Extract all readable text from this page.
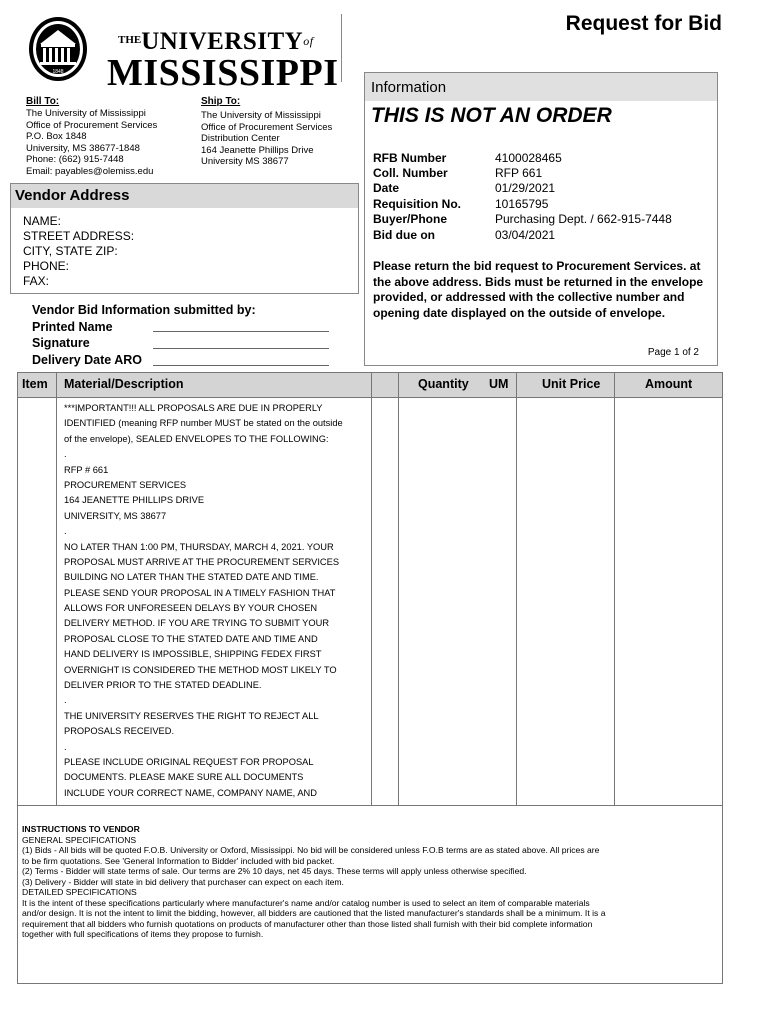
1848
$^{THE}$UNIVERSITYof
MISSISSIPPI
Request for Bid
Bill To:
The University of Mississippi
Office of Procurement Services
P.O. Box 1848
University, MS 38677-1848
Phone: (662) 915-7448
Email: payables@olemiss.edu
Ship To:
The University of Mississippi
Office of Procurement Services
Distribution Center
164 Jeanette Phillips Drive
University MS 38677
Vendor Address
NAME:
STREET ADDRESS:
CITY, STATE ZIP:
PHONE:
FAX:
Vendor Bid Information submitted by:
Printed Name
Signature
Delivery Date ARO
Information
THIS IS NOT AN ORDER
RFB Number	4100028465
Coll. Number	RFP 661
Date	01/29/2021
Requisition No.	10165795
Buyer/Phone	Purchasing Dept. / 662-915-7448
Bid due on	03/04/2021
Please return the bid request to Procurement Services. at the above address. Bids must be returned in the envelope provided, or addressed with the collective number and opening date displayed on the outside of envelope.
Page 1 of 2
Item Material/Description	Quantity UM	Unit Price	Amount
***IMPORTANT!!! ALL PROPOSALS ARE DUE IN PROPERLY
IDENTIFIED (meaning RFP number MUST be stated on the outside
of the envelope), SEALED ENVELOPES TO THE FOLLOWING:
.
RFP # 661
PROCUREMENT SERVICES
164 JEANETTE PHILLIPS DRIVE
UNIVERSITY, MS 38677
.
NO LATER THAN 1:00 PM, THURSDAY, MARCH 4, 2021. YOUR
PROPOSAL MUST ARRIVE AT THE PROCUREMENT SERVICES
BUILDING NO LATER THAN THE STATED DATE AND TIME.
PLEASE SEND YOUR PROPOSAL IN A TIMELY FASHION THAT
ALLOWS FOR UNFORESEEN DELAYS BY YOUR CHOSEN
DELIVERY METHOD. IF YOU ARE TRYING TO SUBMIT YOUR
PROPOSAL CLOSE TO THE STATED DATE AND TIME AND
HAND DELIVERY IS IMPOSSIBLE, SHIPPING FEDEX FIRST
OVERNIGHT IS CONSIDERED THE METHOD MOST LIKELY TO
DELIVER PRIOR TO THE STATED DEADLINE.
.
THE UNIVERSITY RESERVES THE RIGHT TO REJECT ALL
PROPOSALS RECEIVED.
.
PLEASE INCLUDE ORIGINAL REQUEST FOR PROPOSAL
DOCUMENTS. PLEASE MAKE SURE ALL DOCUMENTS
INCLUDE YOUR CORRECT NAME, COMPANY NAME, AND
INSTRUCTIONS TO VENDOR
GENERAL SPECIFICATIONS
(1) Bids - All bids will be quoted F.O.B. University or Oxford, Mississippi. No bid will be considered unless F.O.B terms are as stated above. All prices are
to be firm quotations. See 'General Information to Bidder' included with bid packet.
(2) Terms - Bidder will state terms of sale. Our terms are 2% 10 days, net 45 days. These terms will apply unless otherwise specified.
(3) Delivery - Bidder will state in bid delivery that purchaser can expect on each item.
DETAILED SPECIFICATIONS
It is the intent of these specifications particularly where manufacturer's name and/or catalog number is used to select an item of comparable materials
and/or design. It is not the intent to limit the bidding, however, all bidders are cautioned that the listed manufacturer's standards shall be a minimum. It is a
requirement that all bidders who furnish quotations on products of manufacturer other than those listed shall furnish with their bid complete information
together with full specifications of items they propose to furnish.
